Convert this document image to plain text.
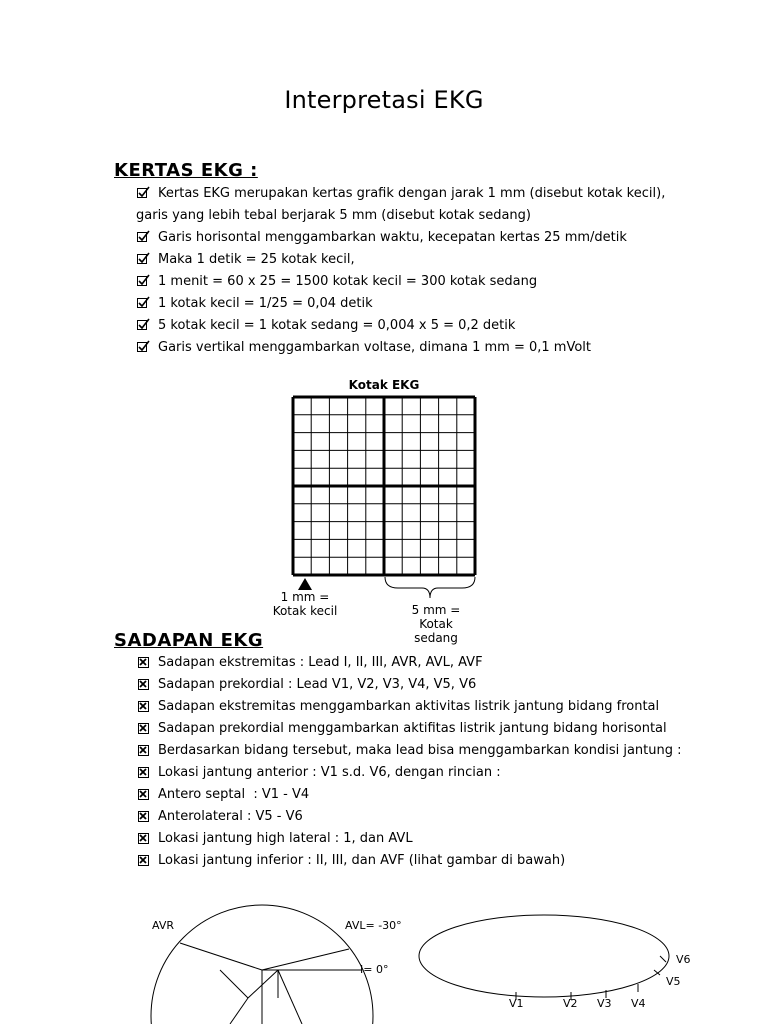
Interpretasi EKG
KERTAS EKG :
Kertas EKG merupakan kertas grafik dengan jarak 1 mm (disebut kotak kecil),
garis yang lebih tebal berjarak 5 mm (disebut kotak sedang)
Garis horisontal menggambarkan waktu, kecepatan kertas 25 mm/detik
Maka 1 detik = 25 kotak kecil,
1 menit = 60 x 25 = 1500 kotak kecil = 300 kotak sedang
1 kotak kecil = 1/25 = 0,04 detik
5 kotak kecil = 1 kotak sedang = 0,004 x 5 = 0,2 detik
Garis vertikal menggambarkan voltase, dimana 1 mm = 0,1 mVolt
Kotak EKG
1 mm =
Kotak kecil	5 mm =
Kotak
sedang
SADAPAN EKG
Sadapan ekstremitas : Lead I, II, III, AVR, AVL, AVF
Sadapan prekordial : Lead V1, V2, V3, V4, V5, V6
Sadapan ekstremitas menggambarkan aktivitas listrik jantung bidang frontal
Sadapan prekordial menggambarkan aktifitas listrik jantung bidang horisontal
Berdasarkan bidang tersebut, maka lead bisa menggambarkan kondisi jantung :
Lokasi jantung anterior : V1 s.d. V6, dengan rincian :
Antero septal  : V1 - V4
Anterolateral : V5 - V6
Lokasi jantung high lateral : 1, dan AVL
Lokasi jantung inferior : II, III, dan AVF (lihat gambar di bawah)
AVR	AVL= -30°
I= 0°
V1	V2 V3 V4
V5
V6
